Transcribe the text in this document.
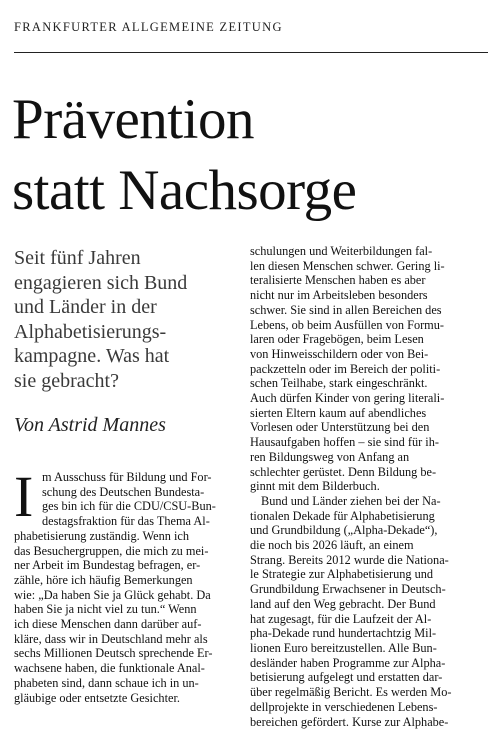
FRANKFURTER ALLGEMEINE ZEITUNG
Prävention
statt Nachsorge
Seit fünf Jahren
engagieren sich Bund
und Länder in der
Alphabetisierungs-
kampagne. Was hat
sie gebracht?
Von Astrid Mannes
I m Ausschuss für Bildung und For-
schung des Deutschen Bundesta-
ges bin ich für die CDU/CSU-Bun-
destagsfraktion für das Thema Al-
phabetisierung zuständig. Wenn ich
das Besuchergruppen, die mich zu mei-
ner Arbeit im Bundestag befragen, er-
zähle, höre ich häufig Bemerkungen
wie: „Da haben Sie ja Glück gehabt. Da
haben Sie ja nicht viel zu tun.“ Wenn
ich diese Menschen dann darüber auf-
kläre, dass wir in Deutschland mehr als
sechs Millionen Deutsch sprechende Er-
wachsene haben, die funktionale Anal-
phabeten sind, dann schaue ich in un-
gläubige oder entsetzte Gesichter.
schulungen und Weiterbildungen fal-
len diesen Menschen schwer. Gering li-
teralisierte Menschen haben es aber
nicht nur im Arbeitsleben besonders
schwer. Sie sind in allen Bereichen des
Lebens, ob beim Ausfüllen von Formu-
laren oder Fragebögen, beim Lesen
von Hinweisschildern oder von Bei-
packzetteln oder im Bereich der politi-
schen Teilhabe, stark eingeschränkt.
Auch dürfen Kinder von gering literali-
sierten Eltern kaum auf abendliches
Vorlesen oder Unterstützung bei den
Hausaufgaben hoffen – sie sind für ih-
ren Bildungsweg von Anfang an
schlechter gerüstet. Denn Bildung be-
ginnt mit dem Bilderbuch.
Bund und Länder ziehen bei der Na-
tionalen Dekade für Alphabetisierung
und Grundbildung („Alpha-Dekade“),
die noch bis 2026 läuft, an einem
Strang. Bereits 2012 wurde die Nationa-
le Strategie zur Alphabetisierung und
Grundbildung Erwachsener in Deutsch-
land auf den Weg gebracht. Der Bund
hat zugesagt, für die Laufzeit der Al-
pha-Dekade rund hundertachtzig Mil-
lionen Euro bereitzustellen. Alle Bun-
desländer haben Programme zur Alpha-
betisierung aufgelegt und erstatten dar-
über regelmäßig Bericht. Es werden Mo-
dellprojekte in verschiedenen Lebens-
bereichen gefördert. Kurse zur Alphabe-
